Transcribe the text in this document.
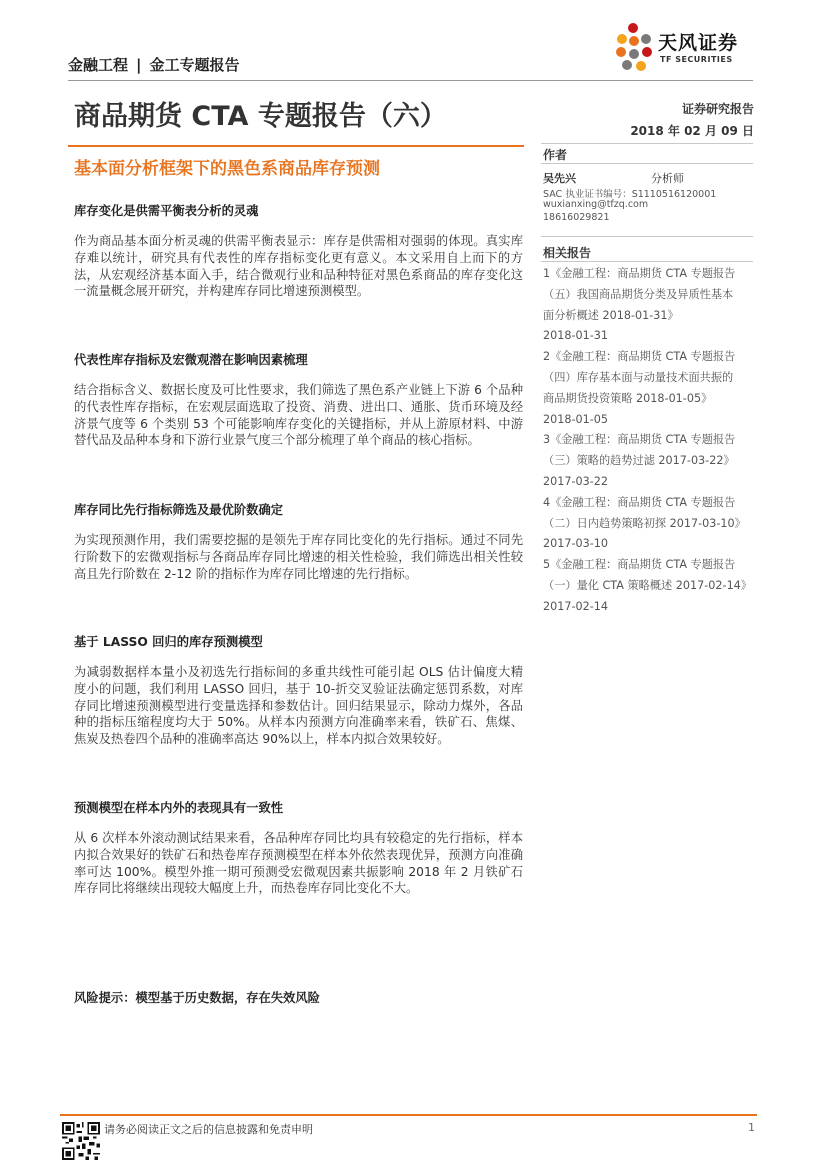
金融工程 | 金工专题报告
天风证券
TF SECURITIES
商品期货 CTA 专题报告（六）	证券研究报告
2018 年 02 月 09 日
基本面分析框架下的黑色系商品库存预测
作者
吴先兴	分析师
SAC 执业证书编号：S1110516120001
wuxianxing@tfzq.com
18616029821
相关报告
1《金融工程：商品期货 CTA 专题报告
（五）我国商品期货分类及异质性基本
面分析概述 2018-01-31》
2018-01-31
2《金融工程：商品期货 CTA 专题报告
（四）库存基本面与动量技术面共振的
商品期货投资策略 2018-01-05》
2018-01-05
3《金融工程：商品期货 CTA 专题报告
（三）策略的趋势过滤 2017-03-22》
2017-03-22
4《金融工程：商品期货 CTA 专题报告
（二）日内趋势策略初探 2017-03-10》
2017-03-10
5《金融工程：商品期货 CTA 专题报告
（一）量化 CTA 策略概述 2017-02-14》
2017-02-14
库存变化是供需平衡表分析的灵魂
作为商品基本面分析灵魂的供需平衡表显示：库存是供需相对强弱的体现。真实库存难以统计，研究具有代表性的库存指标变化更有意义。本文采用自上而下的方法，从宏观经济基本面入手，结合微观行业和品种特征对黑色系商品的库存变化这一流量概念展开研究，并构建库存同比增速预测模型。
代表性库存指标及宏微观潜在影响因素梳理
结合指标含义、数据长度及可比性要求，我们筛选了黑色系产业链上下游 6 个品种的代表性库存指标，在宏观层面选取了投资、消费、进出口、通胀、货币环境及经济景气度等 6 个类别 53 个可能影响库存变化的关键指标，并从上游原材料、中游替代品及品种本身和下游行业景气度三个部分梳理了单个商品的核心指标。
库存同比先行指标筛选及最优阶数确定
为实现预测作用，我们需要挖掘的是领先于库存同比变化的先行指标。通过不同先行阶数下的宏微观指标与各商品库存同比增速的相关性检验，我们筛选出相关性较高且先行阶数在 2-12 阶的指标作为库存同比增速的先行指标。
基于 LASSO 回归的库存预测模型
为减弱数据样本量小及初选先行指标间的多重共线性可能引起 OLS 估计偏度大精度小的问题，我们利用 LASSO 回归，基于 10-折交叉验证法确定惩罚系数，对库存同比增速预测模型进行变量选择和参数估计。回归结果显示，除动力煤外，各品种的指标压缩程度均大于 50%。从样本内预测方向准确率来看，铁矿石、焦煤、焦炭及热卷四个品种的准确率高达 90%以上，样本内拟合效果较好。
预测模型在样本内外的表现具有一致性
从 6 次样本外滚动测试结果来看，各品种库存同比均具有较稳定的先行指标，样本内拟合效果好的铁矿石和热卷库存预测模型在样本外依然表现优异，预测方向准确率可达 100%。模型外推一期可预测受宏微观因素共振影响 2018 年 2 月铁矿石库存同比将继续出现较大幅度上升，而热卷库存同比变化不大。
风险提示：模型基于历史数据，存在失效风险
请务必阅读正文之后的信息披露和免责申明	1
